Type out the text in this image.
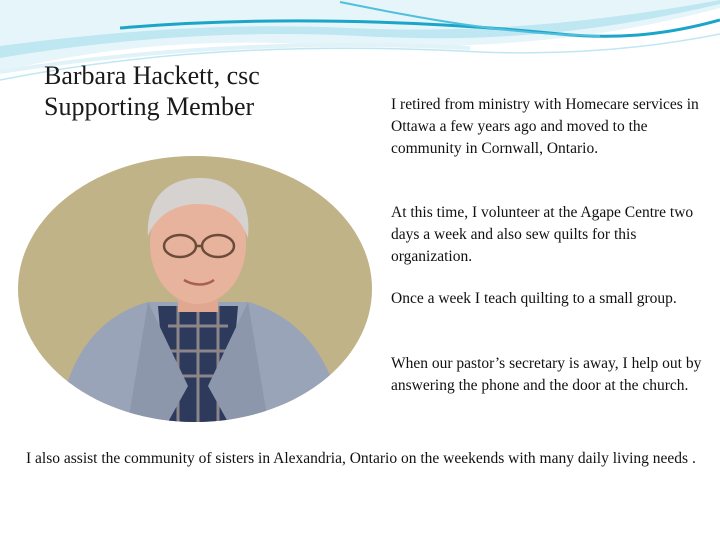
Barbara Hackett, csc
Supporting Member	I retired from ministry with Homecare services in Ottawa a few years ago and moved to the community in Cornwall, Ontario.

At this time, I volunteer at the Agape Centre two days a week and also sew quilts for this organization.

Once a week I teach quilting to a small group.

When our pastor’s secretary is away, I help out by answering the phone and the door at the church.

I also assist the community of sisters in Alexandria, Ontario on the weekends with many daily living needs .
